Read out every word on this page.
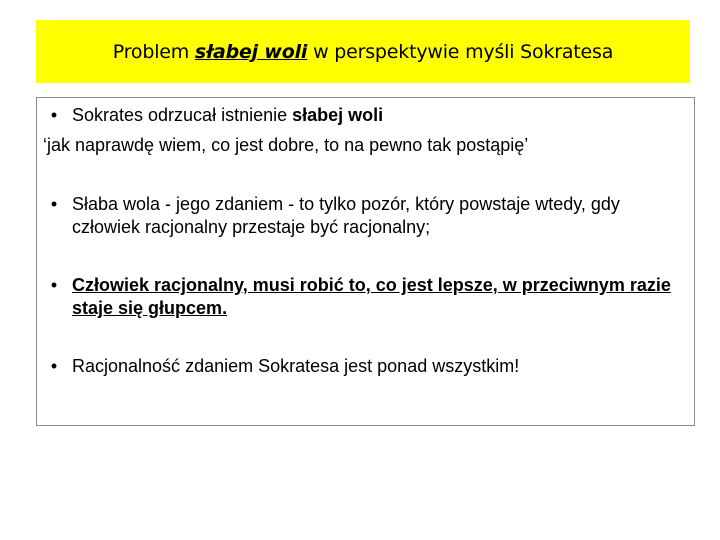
Problem słabej woli w perspektywie myśli Sokratesa
• Sokrates odrzucał istnienie słabej woli
‘jak naprawdę wiem, co jest dobre, to na pewno tak postąpię’
• Słaba wola - jego zdaniem - to tylko pozór, który powstaje wtedy, gdy człowiek racjonalny przestaje być racjonalny;
• Człowiek racjonalny, musi robić to, co jest lepsze, w przeciwnym razie staje się głupcem.
• Racjonalność zdaniem Sokratesa jest ponad wszystkim!
